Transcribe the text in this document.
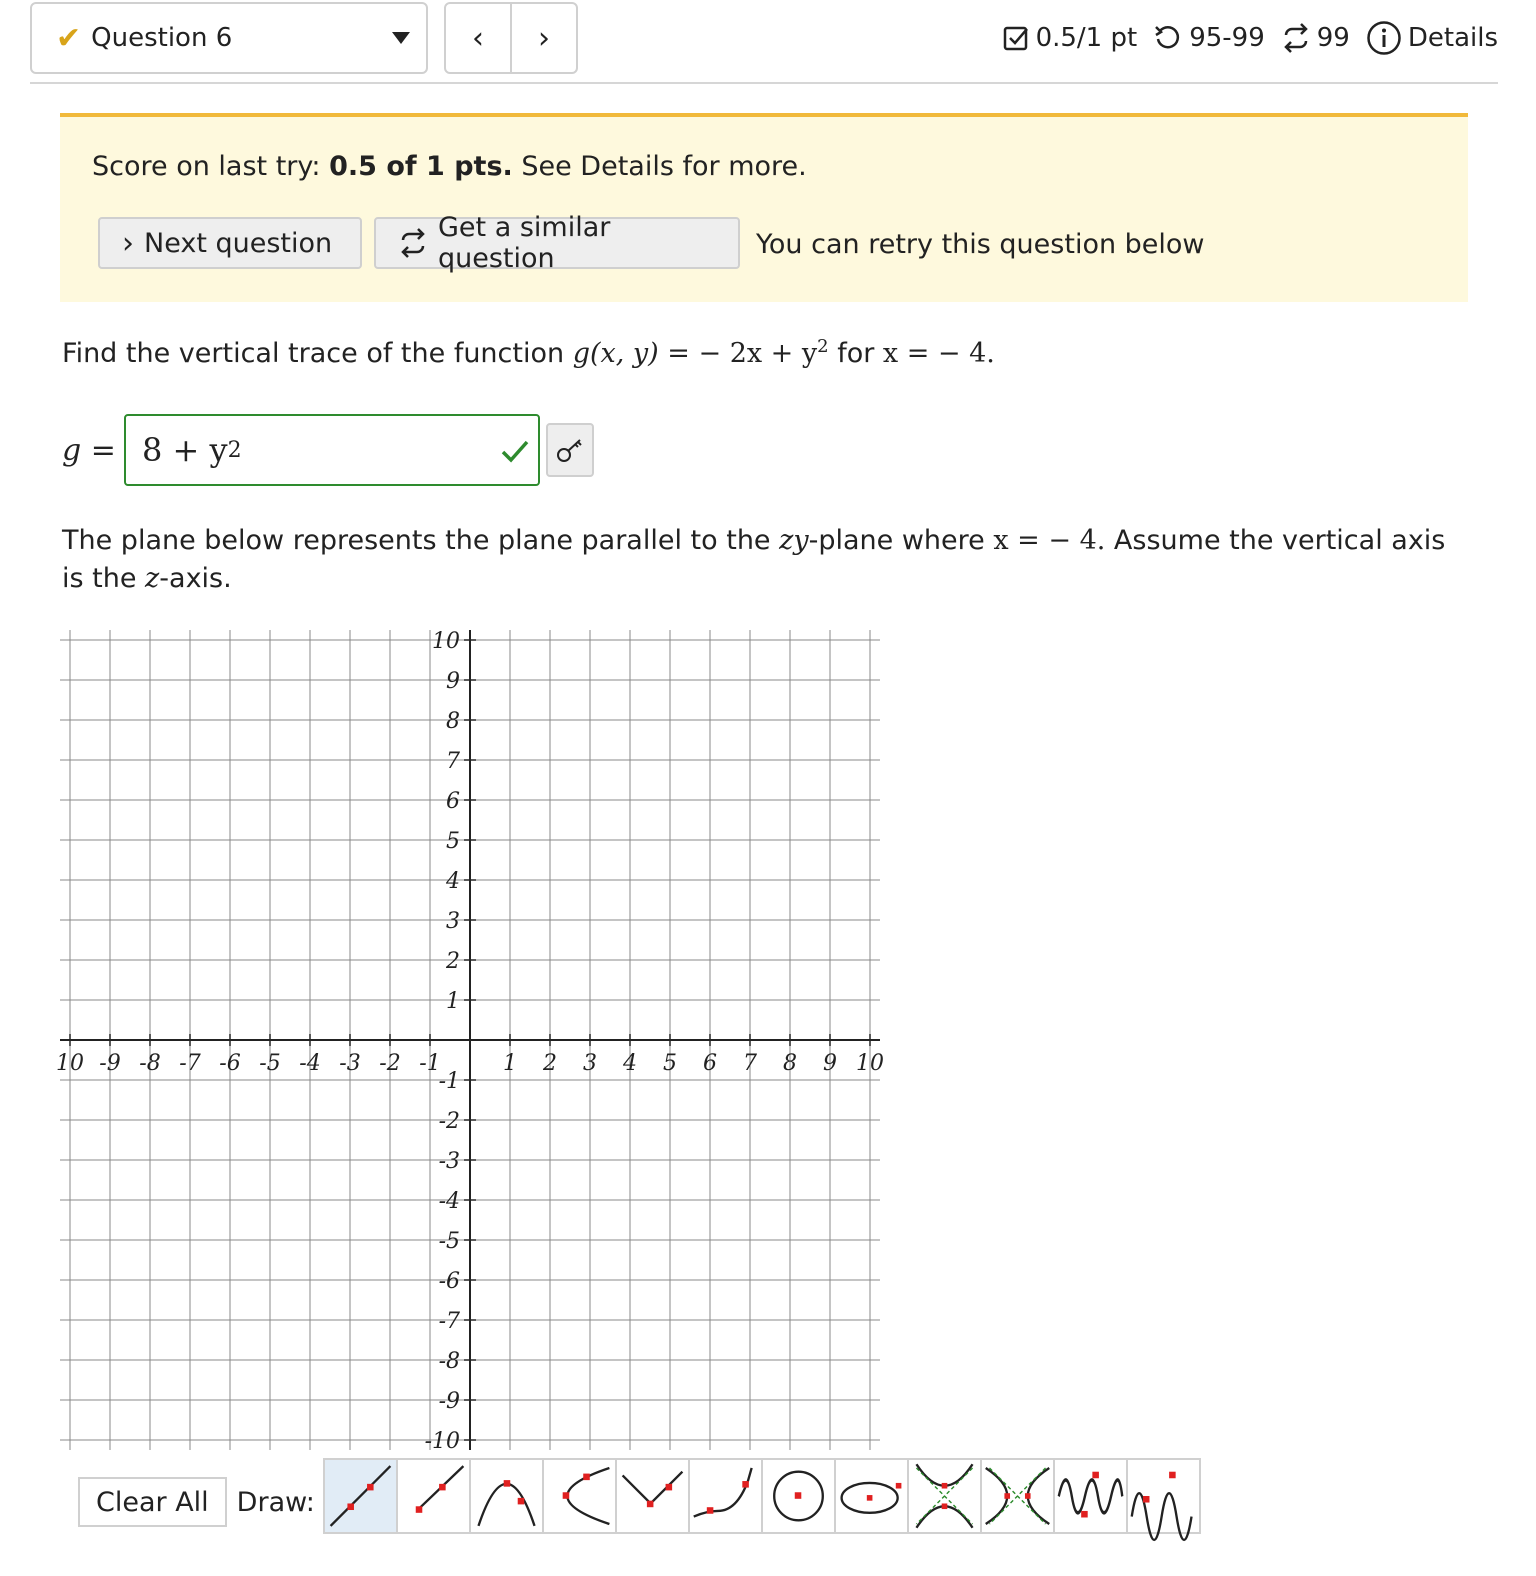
✔ Question 6	‹ ›	0.5/1 pt 95-99 99 Details
Score on last try: 0.5 of 1 pts. See Details for more.
› Next question	Get a similar question	You can retry this question below
Find the vertical trace of the function g(x, y) = − $2x + y^2$ for x = − 4.
g = 8 + y 2
The plane below represents the plane parallel to the zy-plane where x = − 4. Assume the vertical axis is the z-axis.
10 -9 -8 -7 -6 -5 -4 -3 -2 -1	1 2 3 4 5 6 7 8 9 10
10
9
8
7
6
5
4
3
2
1
-1
-2
-3
-4
-5
-6
-7
-8
-9
-10
Clear All	Draw:
